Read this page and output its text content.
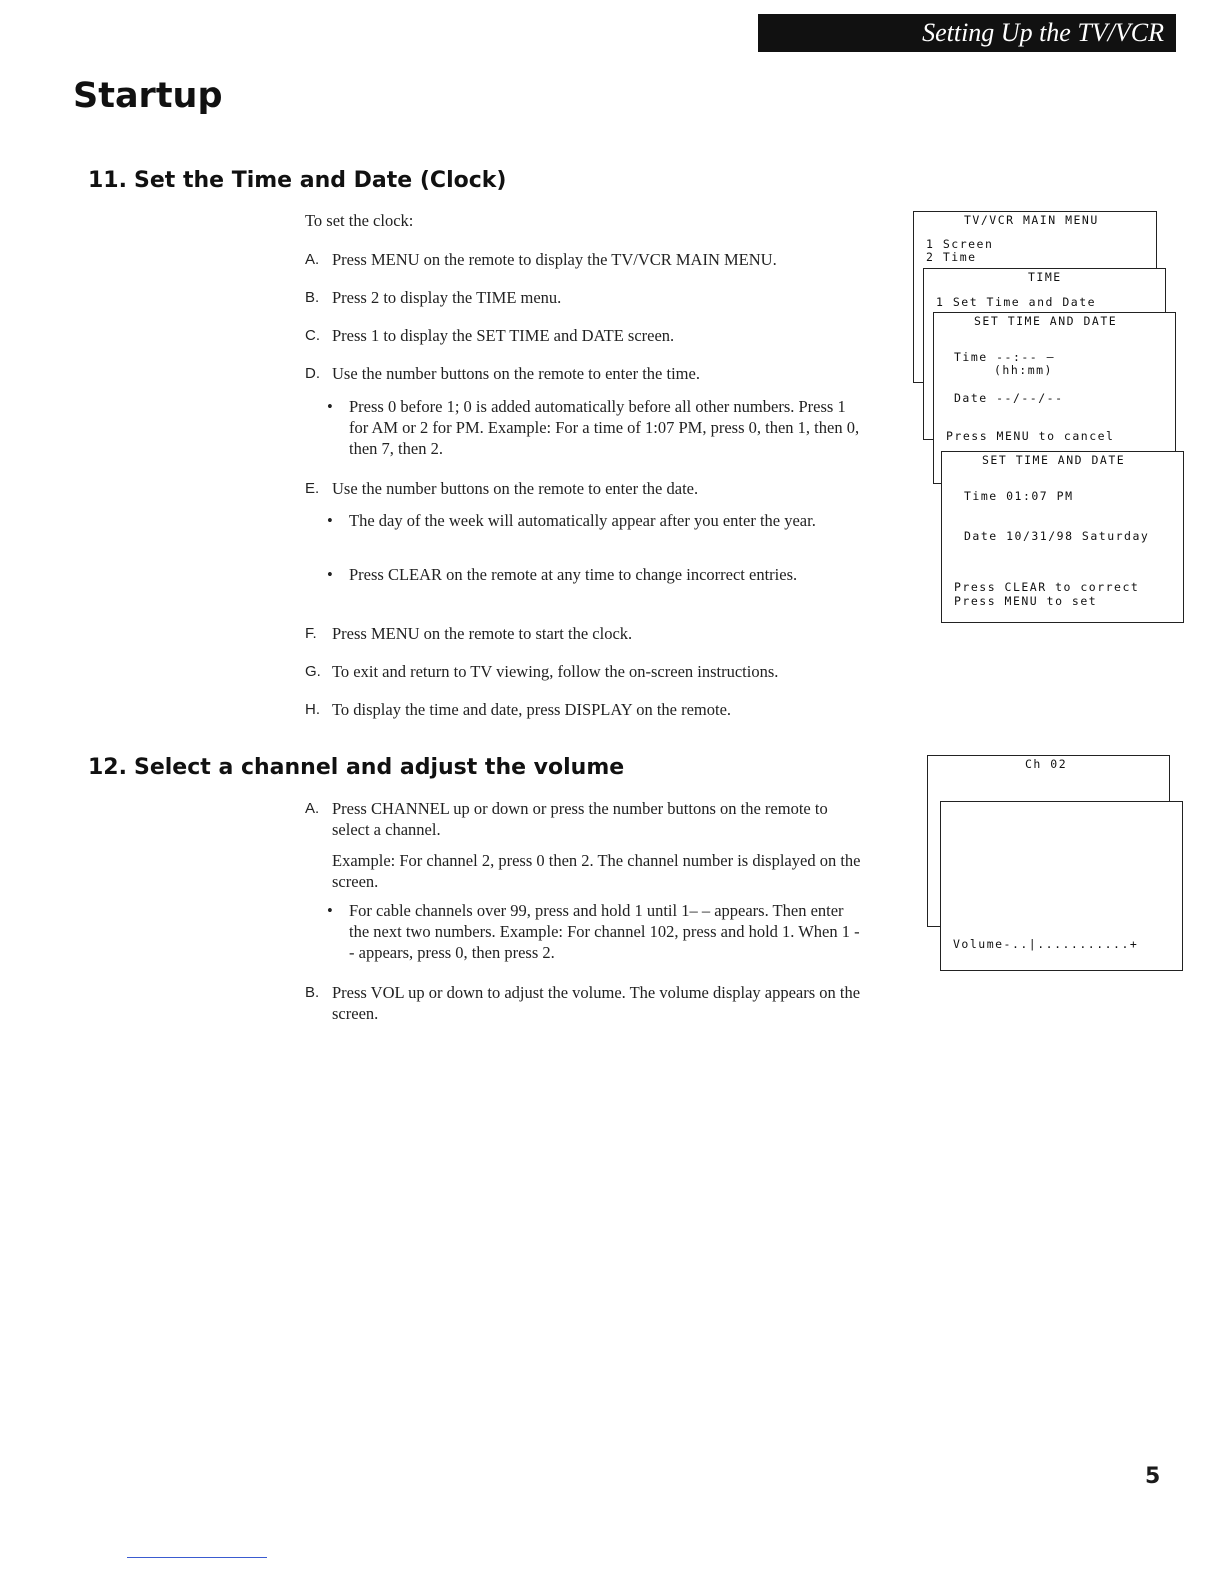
Setting Up the TV/VCR
Startup
11. Set the Time and Date (Clock)
To set the clock:
A. Press MENU on the remote to display the TV/VCR MAIN MENU.
B. Press 2 to display the TIME menu.
C. Press 1 to display the SET TIME and DATE screen.
D. Use the number buttons on the remote to enter the time.
• Press 0 before 1; 0 is added automatically before all other numbers. Press 1 for AM or 2 for PM. Example: For a time of 1:07 PM, press 0, then 1, then 0, then 7, then 2.
E. Use the number buttons on the remote to enter the date.
• The day of the week will automatically appear after you enter the year.
• Press CLEAR on the remote at any time to change incorrect entries.
F. Press MENU on the remote to start the clock.
G. To exit and return to TV viewing, follow the on-screen instructions.
H. To display the time and date, press DISPLAY on the remote.
12. Select a channel and adjust the volume
A. Press CHANNEL up or down or press the number buttons on the remote to select a channel.
Example: For channel 2, press 0 then 2. The channel number is displayed on the screen.
• For cable channels over 99, press and hold 1 until 1– – appears. Then enter the next two numbers. Example: For channel 102, press and hold 1. When 1 - - appears, press 0, then press 2.
B. Press VOL up or down to adjust the volume. The volume display appears on the screen.
TV/VCR MAIN MENU
1 Screen
2 Time
TIME
1 Set Time and Date
SET TIME AND DATE
Time --:-- —
(hh:mm)
Date --/--/--
Press MENU to cancel
SET TIME AND DATE
Time 01:07 PM
Date 10/31/98 Saturday
Press CLEAR to correct
Press MENU to set
Ch 02
Volume-..|...........+
5
